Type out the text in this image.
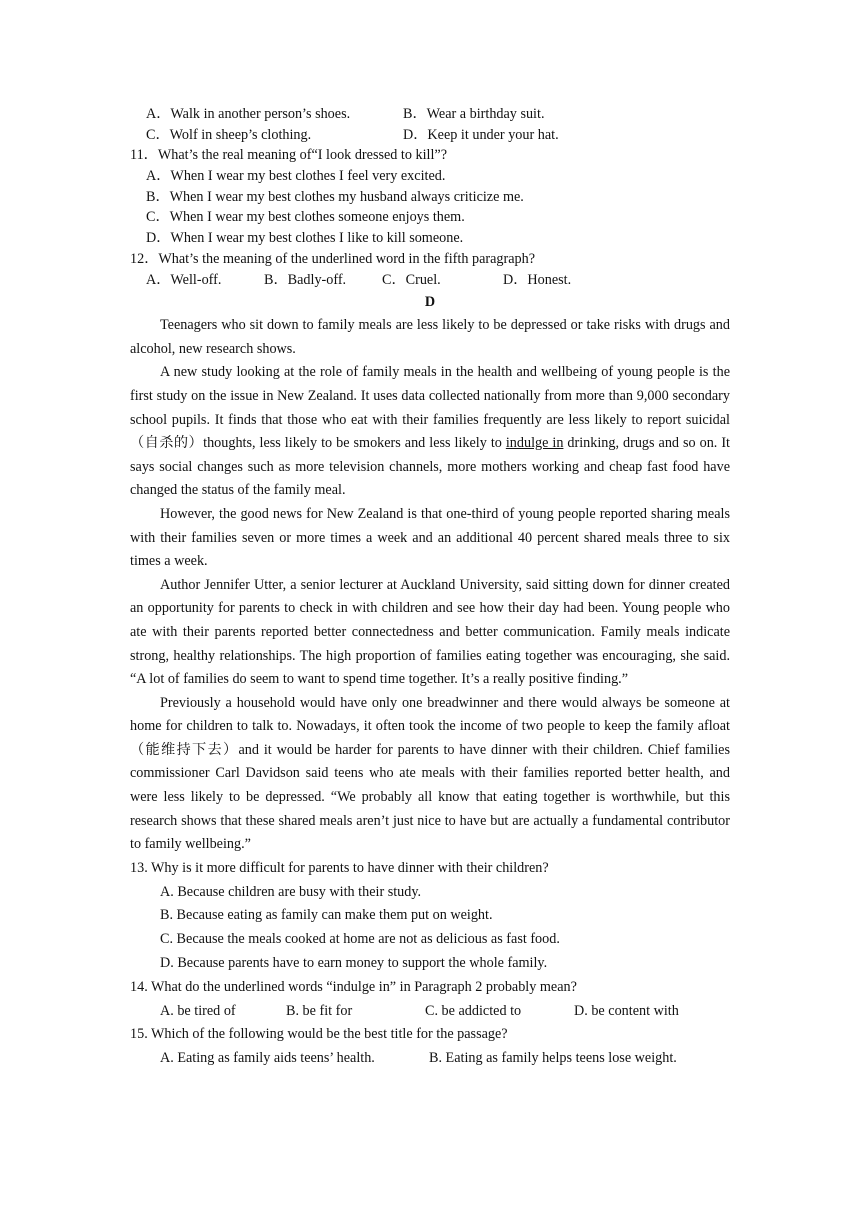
A．Walk in another person’s shoes.	B．Wear a birthday suit.
C．Wolf in sheep’s clothing.	D．Keep it under your hat.
11．What’s the real meaning of“I look dressed to kill”?
A．When I wear my best clothes I feel very excited.
B．When I wear my best clothes my husband always criticize me.
C．When I wear my best clothes someone enjoys them.
D．When I wear my best clothes I like to kill someone.
12．What’s the meaning of the underlined word in the fifth paragraph?
A．Well-off.	B．Badly-off.	C．Cruel.	D．Honest.
D

Teenagers who sit down to family meals are less likely to be depressed or take risks with drugs and alcohol, new research shows.

A new study looking at the role of family meals in the health and wellbeing of young people is the first study on the issue in New Zealand. It uses data collected nationally from more than 9,000 secondary school pupils. It finds that those who eat with their families frequently are less likely to report suicidal（自杀的）thoughts, less likely to be smokers and less likely to indulge in drinking, drugs and so on. It says social changes such as more television channels, more mothers working and cheap fast food have changed the status of the family meal.

However, the good news for New Zealand is that one-third of young people reported sharing meals with their families seven or more times a week and an additional 40 percent shared meals three to six times a week.

Author Jennifer Utter, a senior lecturer at Auckland University, said sitting down for dinner created an opportunity for parents to check in with children and see how their day had been. Young people who ate with their parents reported better connectedness and better communication. Family meals indicate strong, healthy relationships. The high proportion of families eating together was encouraging, she said. “A lot of families do seem to want to spend time together. It’s a really positive finding.”

Previously a household would have only one breadwinner and there would always be someone at home for children to talk to. Nowadays, it often took the income of two people to keep the family afloat（能维持下去）and it would be harder for parents to have dinner with their children. Chief families commissioner Carl Davidson said teens who ate meals with their families reported better health, and were less likely to be depressed. “We probably all know that eating together is worthwhile, but this research shows that these shared meals aren’t just nice to have but are actually a fundamental contributor to family wellbeing.”

13. Why is it more difficult for parents to have dinner with their children?
A. Because children are busy with their study.
B. Because eating as family can make them put on weight.
C. Because the meals cooked at home are not as delicious as fast food.
D. Because parents have to earn money to support the whole family.
14. What do the underlined words “indulge in” in Paragraph 2 probably mean?
A. be tired of	B. be fit for	C. be addicted to	D. be content with
15. Which of the following would be the best title for the passage?
A. Eating as family aids teens’ health.	B. Eating as family helps teens lose weight.
